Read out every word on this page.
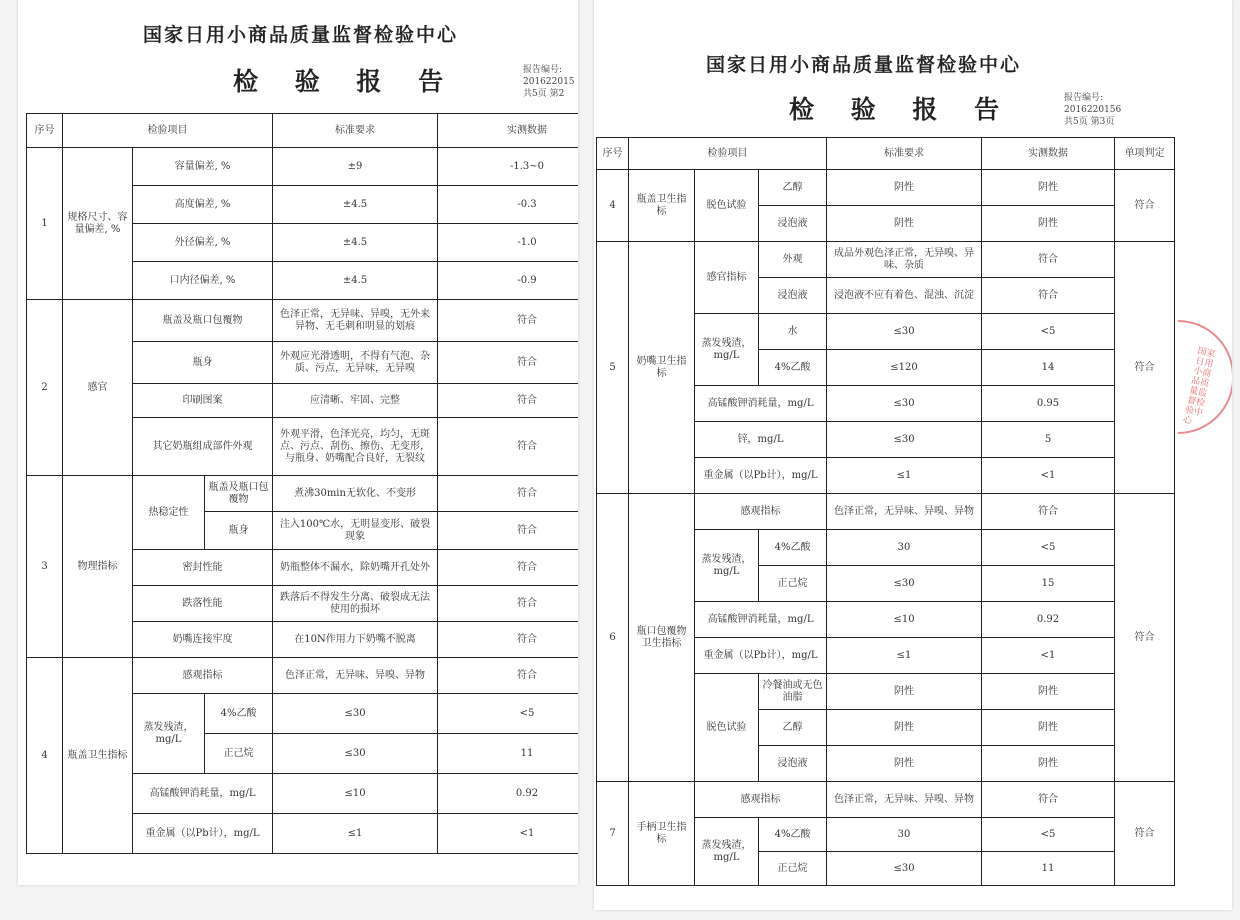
国家日用小商品质量监督检验中心
检 验 报 告	报告编号:
201622015
共5页 第2
序号	检验项目			标准要求	实测数据
1	规格尺寸、容量偏差, %	容量偏差, %		±9	-1.3~0
		高度偏差, %		±4.5	-0.3
		外径偏差, %		±4.5	-1.0
		口内径偏差, %		±4.5	-0.9
2	感官	瓶盖及瓶口包覆物		色泽正常，无异味、异嗅，无外来异物、无毛刺和明显的划痕	符合
		瓶身		外观应光滑透明，不得有气泡、杂质、污点，无异味，无异嗅	符合
		印刷图案		应清晰、牢固、完整	符合
		其它奶瓶组成部件外观		外观平滑，色泽光亮，均匀，无斑点、污点、刮伤、擦伤、无变形，与瓶身、奶嘴配合良好，无裂纹	符合
3	物理指标	热稳定性	瓶盖及瓶口包覆物	煮沸30min无软化、不变形	符合
			瓶身	注入100℃水，无明显变形、破裂现象	符合
		密封性能		奶瓶整体不漏水，除奶嘴开孔处外	符合
		跌落性能		跌落后不得发生分离、破裂成无法使用的损坏	符合
		奶嘴连接牢度		在10N作用力下奶嘴不脱离	符合
4	瓶盖卫生指标	感观指标		色泽正常，无异味、异嗅、异物	符合
		蒸发残渣，mg/L	4%乙酸	≤30	<5
			正己烷	≤30	11
		高锰酸钾消耗量，mg/L		≤10	0.92
		重金属（以Pb计），mg/L		≤1	<1
国家日用小商品质量监督检验中心
检 验 报 告	报告编号:
2016220156
共5页 第3页
序号	检验项目			标准要求	实测数据	单项判定
4	瓶盖卫生指标	脱色试验	乙醇	阴性	阴性	符合
			浸泡液	阴性	阴性	
5	奶嘴卫生指标	感官指标	外观	成品外观色泽正常，无异嗅、异味、杂质	符合	符合
			浸泡液	浸泡液不应有着色、混浊、沉淀	符合	
		蒸发残渣，mg/L	水	≤30	<5	
			4%乙酸	≤120	14	
		高锰酸钾消耗量，mg/L		≤30	0.95	
		锌，mg/L		≤30	5	
		重金属（以Pb计），mg/L		≤1	<1	
6	瓶口包覆物卫生指标	感观指标		色泽正常，无异味、异嗅、异物	符合	符合
		蒸发残渣，mg/L	4%乙酸	30	<5	
			正己烷	≤30	15	
		高锰酸钾消耗量，mg/L		≤10	0.92	
		重金属（以Pb计），mg/L		≤1	<1	
		脱色试验	冷餐油或无色油脂	阴性	阴性	
			乙醇	阴性	阴性	
			浸泡液	阴性	阴性	
7	手柄卫生指标	感观指标		色泽正常，无异味、异嗅、异物	符合	符合
		蒸发残渣，mg/L	4%乙酸	30	<5	
			正己烷	≤30	11	
国家日用小商品质量监督检验中心
